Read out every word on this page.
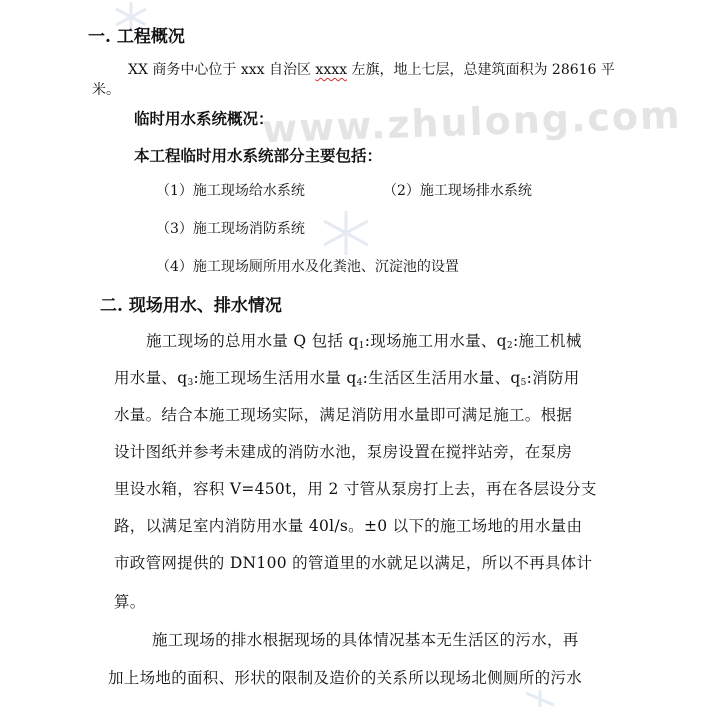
www.zhulong.com
一. 工程概况
XX 商务中心位于 xxx 自治区 xxxx 左旗，地上七层，总建筑面积为 28616 平
米。
临时用水系统概况：
本工程临时用水系统部分主要包括：
（1）施工现场给水系统	（2）施工现场排水系统
（3）施工现场消防系统
（4）施工现场厕所用水及化粪池、沉淀池的设置
二. 现场用水、排水情况
施工现场的总用水量 Q 包括 $q_1$:现场施工用水量、$q_2$:施工机械
用水量、$q_3$:施工现场生活用水量 $q_4$:生活区生活用水量、$q_5$:消防用
水量。结合本施工现场实际，满足消防用水量即可满足施工。根据
设计图纸并参考未建成的消防水池，泵房设置在搅拌站旁，在泵房
里设水箱，容积 V=450t，用 2 寸管从泵房打上去，再在各层设分支
路，以满足室内消防用水量 40l/s。±0 以下的施工场地的用水量由
市政管网提供的 DN100 的管道里的水就足以满足，所以不再具体计
算。
施工现场的排水根据现场的具体情况基本无生活区的污水，再
加上场地的面积、形状的限制及造价的关系所以现场北侧厕所的污水
